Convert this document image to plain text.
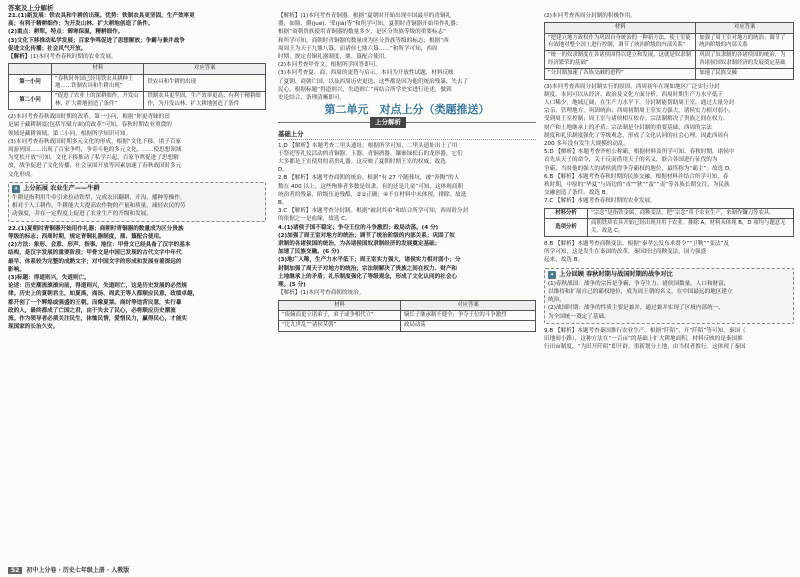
答案及上分解析

21.(1)新发展：铁农具和牛耕的出现。优势：铁制农具更坚固，生产效率更

高；有利于精耕细作；为开发山林、扩大耕地创造了条件。

(2)重点：耕犁。特点：御寒保温，精耕细作。

(3)文化下移推动私学发展；百家争鸣促进了思想解放；争霸与兼并战争

促进文化传播；社会风气开放。

【解析】(1)本问考查春秋时期的农业发展。

	材料	对应答案
第一小问	“春秋时外国已经用铁农具耕种土地……铁制农具和牛耕出现”	铁农具和牛耕的出现
第二小问	“促进了农业上的深耕细作，开发山林，扩大耕地创造了条件”	铁制农具更坚固，生产效率更高；有利于精耕细作，为开发山林、扩大耕地创造了条件

(2)本问考查春秋战国时期的改革。第一小问，根据“你更青睐的田

是属于藏耕制度(包括军赋方面)的改革”可知，春秋时期农业重農的

领域是藏耕领域。第二小问，根据所学知识可知。

(3)本问考查春秋战国时期多元文化的形成。根据“文化下移，诸子百家

周游列国……出现了百家争鸣，争奇斗艳的多元文化，……使思想领域

为宽松开放”可知，文化下移推动了私学兴起，百家争鸣促进了思想解

放，战争促进了文化传播，社会氛围开放等因素加速了春秋战国时多元

文化形成。

✦ 上分拓展 农业生产——牛耕

牛耕是指利用牛牵引来拉动铁犁，完成农田翻耕、开沟、播种等操作。

相对于人工耕作，牛耕能大大提高农作物的产量和质量，减轻农民的劳

动强度，并在一定程度上促进了农业生产的升级和发展。

22.(1)夏朝时青铜器开始用作礼器；商朝时青铜器的数量成为区分贵族

等级的标志；西周时期，规定青铜礼器制度，鼎、簋配合使用。

(2)方法：象形、会意、形声、指事。地位：甲骨文已经具备了汉字的基本

结构，是汉字发展的重要阶段；甲骨文是中国已发现的古代文字中年代

最早、体系较为完整的成熟文字；对中国文字的形成和发展有着深远的

影响。

(3)标题：得道则兴，失道则亡。

论述：历史潮流滚滚向前，得道则兴，失道则亡，这是历史发展的必然规

律。历史上的夏朝君主，如夏禹，商汤、周武王等人都顺应民意，政绩卓越，

都开创了一个辉煌或强盛的王朝。而像夏桀、商纣等违背民意，实行暴

政的人，最终都成了亡国之君，由于失去了民心，必将顺应历史潮流

流。作为领导者必须关注民生，体恤民情，爱惜民力，赢得民心，才能实

现国家的长治久安。

【解析】(1)本问考查青铜器。根据“夏朝时开始出现中国最早的青铜礼

器，如鼎、爵(jué)、斝(jiǎ)等”和所学可知，夏朝时青铜器开始用作礼器；

根据“商朝贵族使用青铜器的数量多少，是区分贵族等级的重要标志”

和所学可知，商朝时青铜器的数量成为区分贵族等级的标志；根据“西

周周王为天子九鼎八簋，而诸侯七鼎六簋……”和所学可知，西周

时期，规定青铜礼器制度，鼎、簋配合使用。

(2)本问考查甲骨文。根据所学回答即可。

(3)本问考查夏、商、西周的更替与启示。本问为开放性试题，材料反映

了夏朝、商朝亡国、以及西周历史更迭，这些都是因为他们统治残暴，失去了

民心。根据标题“得道则兴，失道则亡”再结合所学史实进行论述，做到

史论结合、条理清晰即可。

第二单元　对点上分（类题推送）
上分解析
基础上分

1.D 【解析】本题考查二里头遗址。根据所学可知，二里头遗址出土了用

于祭祀等礼仪活动的青铜器、玉器、青铜酒器、镶嵌绿松石的龙形器，它们

大多都是王室使用的高贵礼器。这反映了夏朝时期王室的权威。故选

D。

2.B 【解析】本题考查商朝的统治。根据“有 27 个随葬坑，被“奔陶”的人

数在 400 以上，这些殉葬者多数是奴隶，有的还是儿童”可知，这体现商朝

统治者的残暴，阶级压迫残酷，②①正确；④不在材料中未体现，排除。故选

B。

3.C 【解析】本题考查分封制。根据“被封其弟”和结合所学可知，西周时分封

的依据之一是血缘，故选 C。

4.(1)诸侯子国不稳定；争夺王位的斗争激烈；政局动荡。(4 分)

(2)加强了周王室对地方的统治；调节了统治阶级的内部关系；巩固了奴

隶制的各诸侯国的统治，为各诸侯国奴隶制经济的发展奠定基础；

加速了民族交融。(6 分)

(3)地广人稀，生产力水平低下；周王室实力强大，诸侯实力相对弱小；分

封制加强了周天子对地方的统治；宗法制解决了贵族之间在权力、财产和

土地继承上的矛盾；礼乐制度强化了等级观念，形成了文化认同的社会心

理。(5 分)

【解析】(1)本问考查商朝的统治。

材料	对应答案
“废嫡而更立诸弟子，弟子或争相代立”	嫡长子继承制不健全；争夺王位的斗争激烈
“比九世乱”“诸侯莫朝”	政局动荡

(2)本问考查西周分封制的积极作用。

材料	对应答案
“把建立地方政权作为巩固自身统治的一种新方法，使王室能有效地对整个国土进行控制，调节了统治阶级的内部关系”	加强了周王室对地方的统治；调节了统治阶级的内部关系
“统一的奴隶制度在各诸侯国得以建立和发展，这就是奴隶制经济繁荣的基础”	巩固了奴隶制的各诸侯国的统治，为各诸侯国奴隶制经济的发展奠定基础
“分封制加速了各族交融的进程”	加速了民族交融

(3)本问考查西周分封制实行的原因。西周初年在现如地区广泛实行分封

制度。本问可以从经济、政治及文化方面分析。西周时期生产力水平低下

人口稀少，地域辽阔，在生产力水平下，分封制能帮助周王室，通过大量分封

宗亲，管理地方，巩固统治；西周初期周王室实力强大，诸侯实力相对弱小，

受到周王室控制；周王室与诸侯相互依存；宗法制解决了贵族之间在权力、

财产和土地继承上的矛盾；宗法制是分封制的重要基础，西周的宗法

制度和礼乐制度强化了等级观念，形成了文化认同的社会心理。因此西周有

200 多年没有发生大规模的动乱。

5.D 【解析】本题考查齐桓公称霸。根据材料及所学可知，春秋时期，诸侯中

首先从天子的命令，关于反而借用天子的名义，联合各国进行征伐的为

争霸，当时他的强大的诸侯就得争夺霸权的地位，最终称为“霸主”。故选 D。

6.B 【解析】本题考查春秋时期的民族交融。根据材料并结合所学可知，春

秋时期，中原的“华夏”与周边的“戎”“狄”“蛮”“夷”等各族长期交往，为民族

交融创造了条件。故选 B。

7.C 【解析】本题考查春秋时期的农业发展。

材料分析	“宗念”是指铁金属，商鞅变法，把“宗念”用于农业生产，来制作镰刀等农具。
选项分析	商朝铁质农具开始已经出现并用于农业。排除 A，材料未体现 B，D 项均与题意无关。故选 C。

8.B 【解析】本题考查商鞅变法。根据“秦孝公发布求贤令”“卫鞅”“变法”及

所学可知，这是发生在秦国的改革。秦国经过商鞅变法，国力强盛

起来，故选 B。

✦ 上分回顾 春秋时期与战国时期的战争对比

(1)春秋战国：战争的宗旨是争霸，争夺生力、诸侯国数量、人口和财富，

以维持和扩展自己的霸权地位，成为周王朝的名义，在中国最远的地区建立

统治。

(2)战国时期：战争的性质主要是兼并，通过兼并实现了区域内部统一，

为全国统一奠定了基础。

9.B 【解析】本题考查秦国推行农业生产。根据“阡陌”，开“阡陌”等可知，秦国（

田地间小路），这种方法在“一百亩”的基础上扩大耕地面积，材料反映的是秦国推

行田亩制度，“为田开阡陌”即开辟，重新划分土地，由当权者推行。这体现了秦国

52 初中上分卷 · 历史七年级上册 · 人教版
